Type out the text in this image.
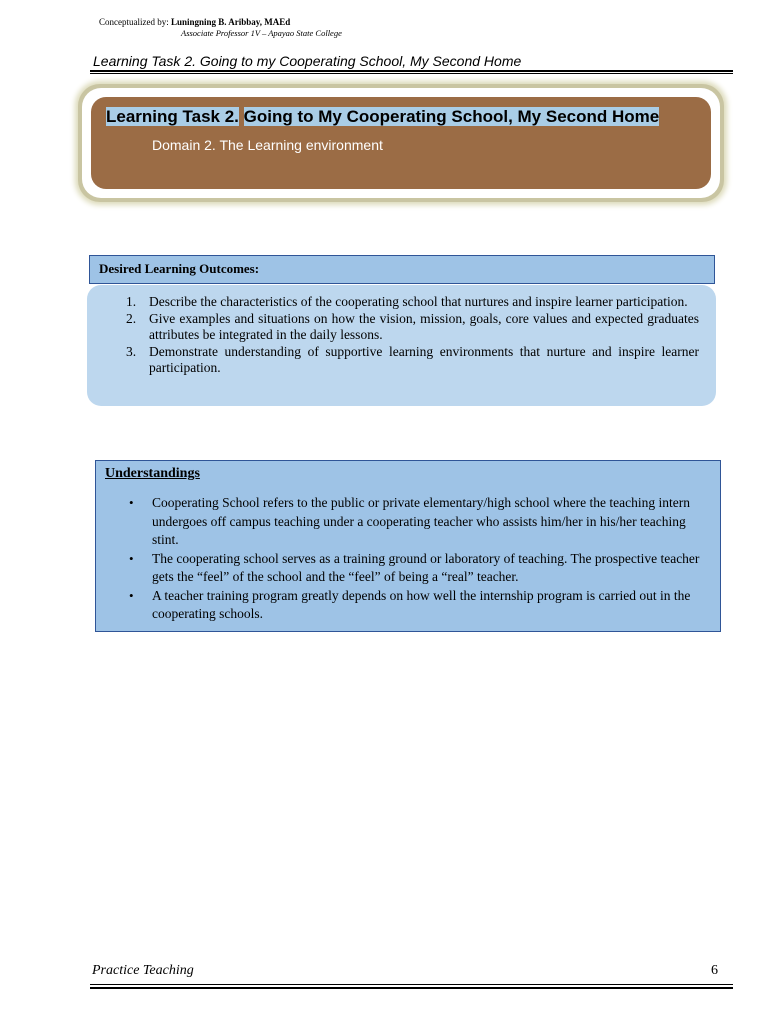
Conceptualized by: Luningning B. Aribbay, MAEd
Associate Professor 1V – Apayao State College
Learning Task 2. Going to my Cooperating School, My Second Home
Learning Task 2. Going to My Cooperating School, My Second Home
Domain 2. The Learning environment
Desired Learning Outcomes:
1. Describe the characteristics of the cooperating school that nurtures and inspire learner participation.
2. Give examples and situations on how the vision, mission, goals, core values and expected graduates attributes be integrated in the daily lessons.
3. Demonstrate understanding of supportive learning environments that nurture and inspire learner participation.
Understandings
• Cooperating School refers to the public or private elementary/high school where the teaching intern undergoes off campus teaching under a cooperating teacher who assists him/her in his/her teaching stint.
• The cooperating school serves as a training ground or laboratory of teaching. The prospective teacher gets the “feel” of the school and the “feel” of being a “real” teacher.
• A teacher training program greatly depends on how well the internship program is carried out in the cooperating schools.
Practice Teaching	6
